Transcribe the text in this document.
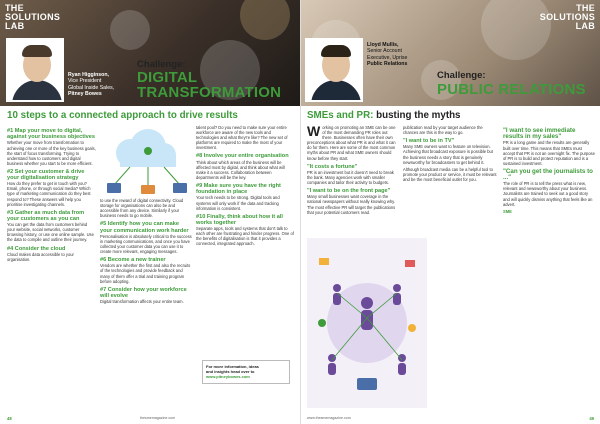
THE
SOLUTIONS
LAB
Ryan Higginson,
Vice President
Global Inside Sales,
Pitney Bowes
Challenge:
DIGITAL
TRANSFORMATION
10 steps to a connected approach to drive results
#1 Map your move to digital, against your business objectives

Whether your move from transformation to achieving one or more of the key business goals, the start of focus transforming. Trying to understand how to customers and digital business whether you start to be more efficient.

#2 Set your customer & drive your digitalisation strategy

How do they prefer to get in touch with you? Email, phone, or through social media? Which type of marketing communication do they best respond to? These answers will help you prioritise investigating channels.

#3 Gather as much data from your customers as you can

You can get the data from customers behind your website, social networks, customer browsing history, or use one online sample. Use the data to compile and outline their journey.

#4 Consider the cloud

Cloud makes data accessible to your organisation.

to use the reward of digital connectivity. Cloud storage for organisations can also be and accessible from any device. Similarly if your business needs to go mobile.

#5 Identify how you can make your communication work harder

Personalisation is absolutely critical to the success in marketing communications, and once you have collected your customer data you can use it to create more relevant, engaging messages.

#6 Become a new trainer

Vendors are whether the first and also the recruits of the technologies and provide feedback and many of them offer a trial and training program before adopting.

#7 Consider how your workforce will evolve

Digital transformation affects your entire team.

talent pool? Do you need to make sure your entire workforce are aware of the new tools and technologies and what they're like? The new set of platforms are required to make the most of your investment.

#8 Involve your entire organisation

Think about which areas of the business will be affected most by digital, and think about what will make it a success. Collaboration between departments will be the key.

#9 Make sure you have the right foundation in place

Your tech needs to be strong. Digital tools and systems will only work if the data and tracking information is consistent.

#10 Finally, think about how it all works together

Separate apps, tools and systems that don't talk to each other are frustrating and hinder progress. One of the benefits of digitalisation is that it provides a connected, integrated approach.

For more information, ideas
and insights head over to
www.pitneybowes.com
48	thesmemagazine.com
THE
SOLUTIONS
LAB
Lloyd Mullis,
Senior Account
Executive, Uprise
Public Relations
Challenge:
PUBLIC RELATIONS
SMEs and PR: busting the myths

Working on promoting an SME can be one of the most demanding PR roles out there. Businesses often have their own preconceptions about what PR is and what it can do for them. Here are some of the most common myths about PR and what SME owners should know before they start.

"It costs a fortune"

PR is an investment but it doesn't need to break the bank. Many agencies work with smaller companies and tailor their activity to budgets.

"I want to be on the front page"

Many small businesses want coverage in the national newspapers without really knowing why. The most effective PR will target the publications that your potential customers read.

publication read by your target audience the chances are this is the way to go.

"I want to be in TV"

Many SME owners want to feature on television. Achieving that broadcast exposure is possible but the business needs a story that is genuinely newsworthy for broadcasters to get behind it.

Although broadcast media can be a helpful tool to promote your product or service, it must be relevant and be the most beneficial outlet for you.

"I want to see immediate results in my sales"

PR is a long game and the results are generally built over time. This means that SMEs must accept that PR is not an overnight fix. The purpose of PR is to build and protect reputation and is a sustained investment.

"Can you get the journalists to ..."

The role of PR is to tell the press what is new, relevant and newsworthy about your business. Journalists are trained to seek out a good story and will quickly dismiss anything that feels like an advert.

SME

www.thesmemagazine.com	49
